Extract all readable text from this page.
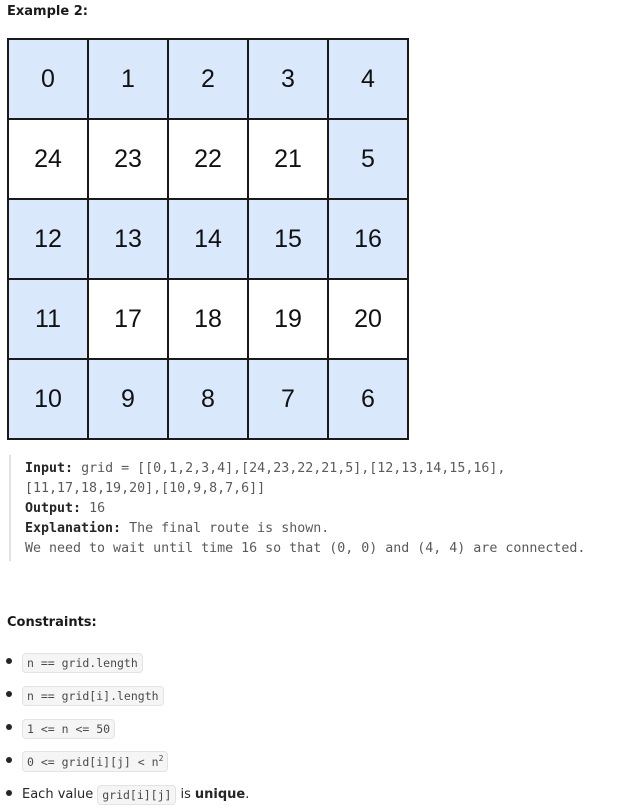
Example 2:
0	1	2	3	4
24	23	22	21	5
12	13	14	15	16
11	17	18	19	20
10	9	8	7	6
Input: grid = [[0,1,2,3,4],[24,23,22,21,5],[12,13,14,15,16],
[11,17,18,19,20],[10,9,8,7,6]]
Output: 16
Explanation: The final route is shown.
We need to wait until time 16 so that (0, 0) and (4, 4) are connected.
Constraints:
n == grid.length
n == grid[i].length
1 <= n <= 50
0 <= grid[i][j] < $n^2$
Each value grid[i][j] is unique .
